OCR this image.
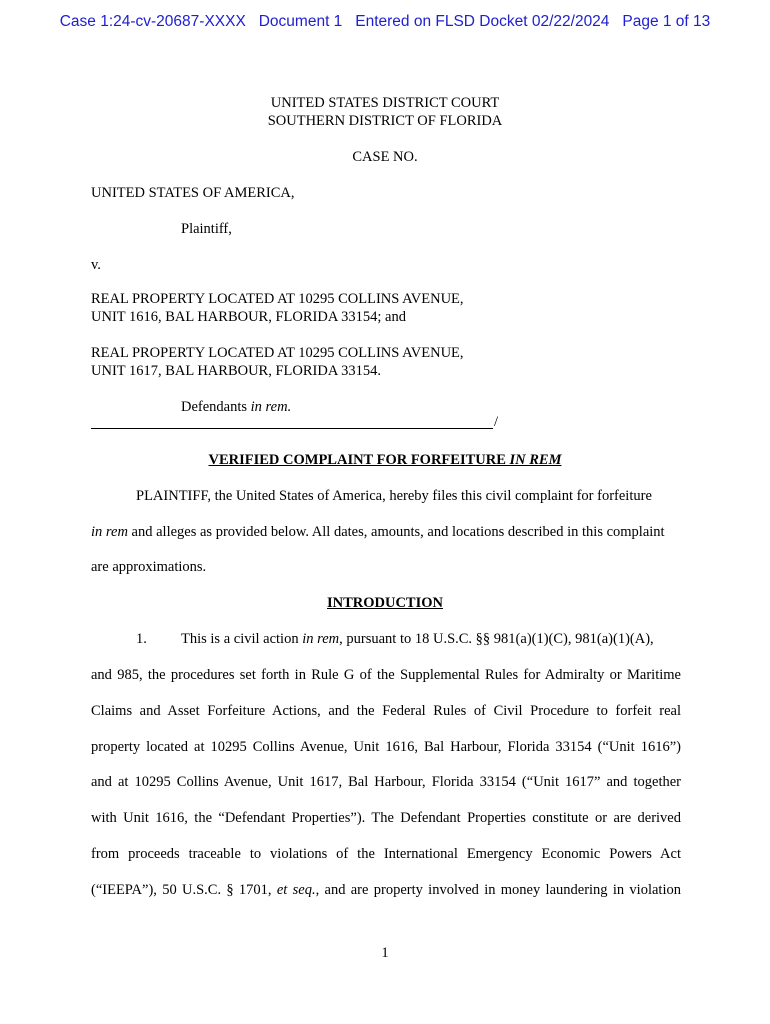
Case 1:24-cv-20687-XXXX Document 1 Entered on FLSD Docket 02/22/2024 Page 1 of 13
UNITED STATES DISTRICT COURT
SOUTHERN DISTRICT OF FLORIDA
CASE NO.
UNITED STATES OF AMERICA,
Plaintiff,
v.
REAL PROPERTY LOCATED AT 10295 COLLINS AVENUE,
UNIT 1616, BAL HARBOUR, FLORIDA 33154; and
REAL PROPERTY LOCATED AT 10295 COLLINS AVENUE,
UNIT 1617, BAL HARBOUR, FLORIDA 33154.
Defendants in rem.
/
VERIFIED COMPLAINT FOR FORFEITURE IN REM
PLAINTIFF, the United States of America, hereby files this civil complaint for forfeiture
in rem and alleges as provided below. All dates, amounts, and locations described in this complaint
are approximations.
INTRODUCTION
1. This is a civil action in rem, pursuant to 18 U.S.C. §§ 981(a)(1)(C), 981(a)(1)(A),
and 985, the procedures set forth in Rule G of the Supplemental Rules for Admiralty or Maritime
Claims and Asset Forfeiture Actions, and the Federal Rules of Civil Procedure to forfeit real
property located at 10295 Collins Avenue, Unit 1616, Bal Harbour, Florida 33154 (“Unit 1616”)
and at 10295 Collins Avenue, Unit 1617, Bal Harbour, Florida 33154 (“Unit 1617” and together
with Unit 1616, the “Defendant Properties”). The Defendant Properties constitute or are derived
from proceeds traceable to violations of the International Emergency Economic Powers Act
(“IEEPA”), 50 U.S.C. § 1701, et seq., and are property involved in money laundering in violation
1
